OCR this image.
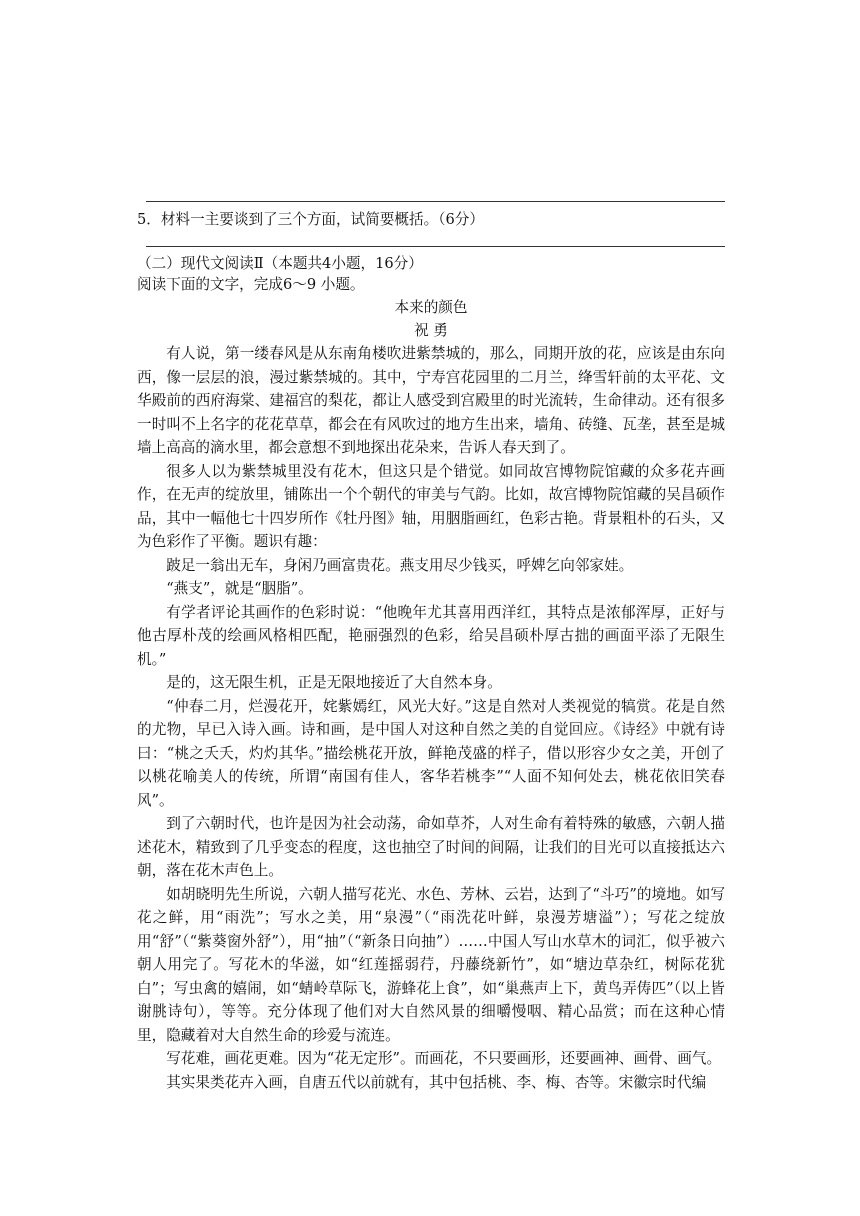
5．材料一主要谈到了三个方面，试简要概括。（6分）
（二）现代文阅读Ⅱ（本题共4小题，16分）
阅读下面的文字，完成6～9 小题。
本来的颜色
祝 勇
有人说，第一缕春风是从东南角楼吹进紫禁城的，那么，同期开放的花，应该是由东向西，像一层层的浪，漫过紫禁城的。其中，宁寿宫花园里的二月兰，绛雪轩前的太平花、文华殿前的西府海棠、建福宫的梨花，都让人感受到宫殿里的时光流转，生命律动。还有很多一时叫不上名字的花花草草，都会在有风吹过的地方生出来，墙角、砖缝、瓦垄，甚至是城墙上高高的滴水里，都会意想不到地探出花朵来，告诉人春天到了。
很多人以为紫禁城里没有花木，但这只是个错觉。如同故宫博物院馆藏的众多花卉画作，在无声的绽放里，铺陈出一个个朝代的审美与气韵。比如，故宫博物院馆藏的吴昌硕作品，其中一幅他七十四岁所作《牡丹图》轴，用胭脂画红，色彩古艳。背景粗朴的石头，又为色彩作了平衡。题识有趣：
跛足一翁出无车，身闲乃画富贵花。燕支用尽少钱买，呼婢乞向邻家娃。
“燕支”，就是“胭脂”。
有学者评论其画作的色彩时说：“他晚年尤其喜用西洋红，其特点是浓郁浑厚，正好与他古厚朴茂的绘画风格相匹配，艳丽强烈的色彩，给吴昌硕朴厚古拙的画面平添了无限生机。”
是的，这无限生机，正是无限地接近了大自然本身。
“仲春二月，烂漫花开，姹紫嫣红，风光大好。”这是自然对人类视觉的犒赏。花是自然的尤物，早已入诗入画。诗和画，是中国人对这种自然之美的自觉回应。《诗经》中就有诗曰：“桃之夭夭，灼灼其华。”描绘桃花开放，鲜艳茂盛的样子，借以形容少女之美，开创了以桃花喻美人的传统，所谓“南国有佳人，客华若桃李”“人面不知何处去，桃花依旧笑春风”。
到了六朝时代，也许是因为社会动荡，命如草芥，人对生命有着特殊的敏感，六朝人描述花木，精致到了几乎变态的程度，这也抽空了时间的间隔，让我们的目光可以直接抵达六朝，落在花木声色上。
如胡晓明先生所说，六朝人描写花光、水色、芳林、云岩，达到了“斗巧”的境地。如写花之鲜，用“雨洗”；写水之美，用“泉漫”（“雨洗花叶鲜，泉漫芳塘溢”）；写花之绽放用“舒”（“紫葵窗外舒”），用“抽”（“新条日向抽”）……中国人写山水草木的词汇，似乎被六朝人用完了。写花木的华滋，如“红莲摇弱荇，丹藤绕新竹”，如“塘边草杂红，树际花犹白”；写虫禽的嬉闹，如“蜻岭草际飞，游蜂花上食”，如“巢燕声上下，黄鸟弄俦匹”（以上皆谢朓诗句），等等。充分体现了他们对大自然风景的细嚼慢咽、精心品赏；而在这种心情里，隐藏着对大自然生命的珍爱与流连。
写花难，画花更难。因为“花无定形”。而画花，不只要画形，还要画神、画骨、画气。
其实果类花卉入画，自唐五代以前就有，其中包括桃、李、梅、杏等。宋徽宗时代编
